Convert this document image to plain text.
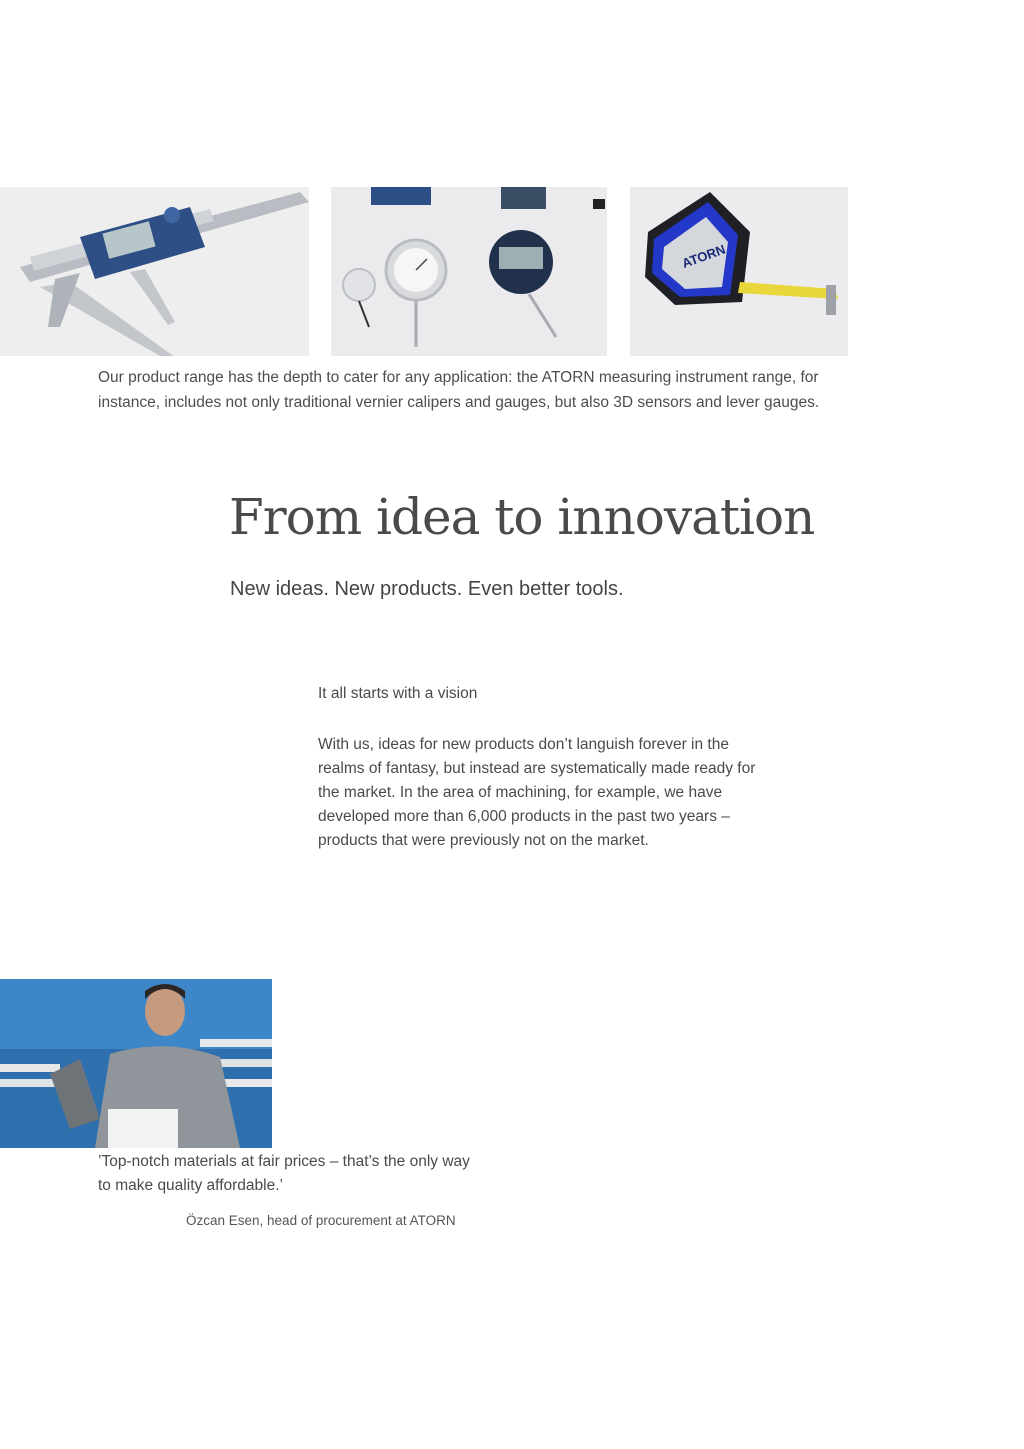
ATORN

Our product range has the depth to cater for any application: the ATORN measuring instrument range, for instance, includes not only traditional vernier calipers and gauges, but also 3D sensors and lever gauges.

From idea to innovation
New ideas. New products. Even better tools.
It all starts with a vision

With us, ideas for new products don’t languish forever in the realms of fantasy, but instead are systematically made ready for the market. In the area of machining, for example, we have developed more than 6,000 products in the past two years – products that were previously not on the market.

’Top-notch materials at fair prices – that’s the only way to make quality affordable.’

Özcan Esen, head of procurement at ATORN
